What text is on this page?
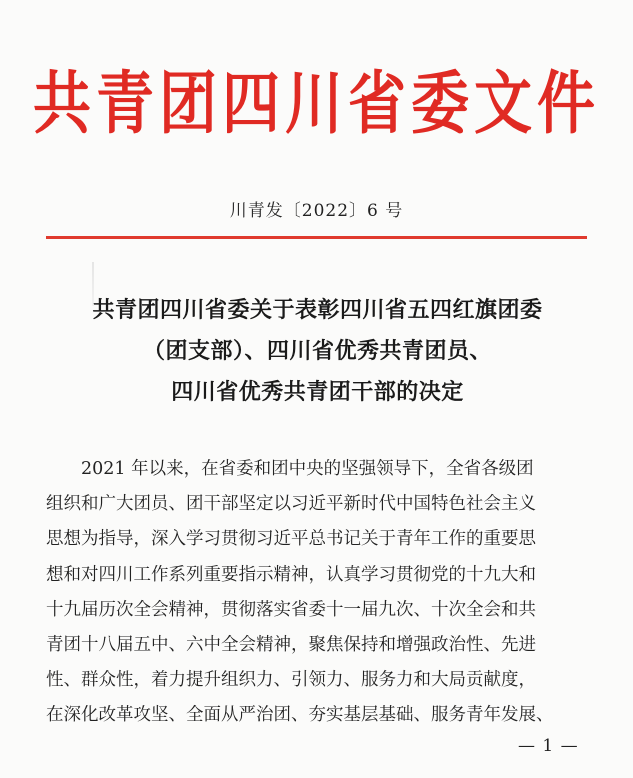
共青团四川省委文件
川青发〔2022〕6 号
共青团四川省委关于表彰四川省五四红旗团委
（团支部）、四川省优秀共青团员、
四川省优秀共青团干部的决定
　　2021 年以来，在省委和团中央的坚强领导下，全省各级团
组织和广大团员、团干部坚定以习近平新时代中国特色社会主义
思想为指导，深入学习贯彻习近平总书记关于青年工作的重要思
想和对四川工作系列重要指示精神，认真学习贯彻党的十九大和
十九届历次全会精神，贯彻落实省委十一届九次、十次全会和共
青团十八届五中、六中全会精神，聚焦保持和增强政治性、先进
性、群众性，着力提升组织力、引领力、服务力和大局贡献度，
在深化改革攻坚、全面从严治团、夯实基层基础、服务青年发展、
— 1 —
